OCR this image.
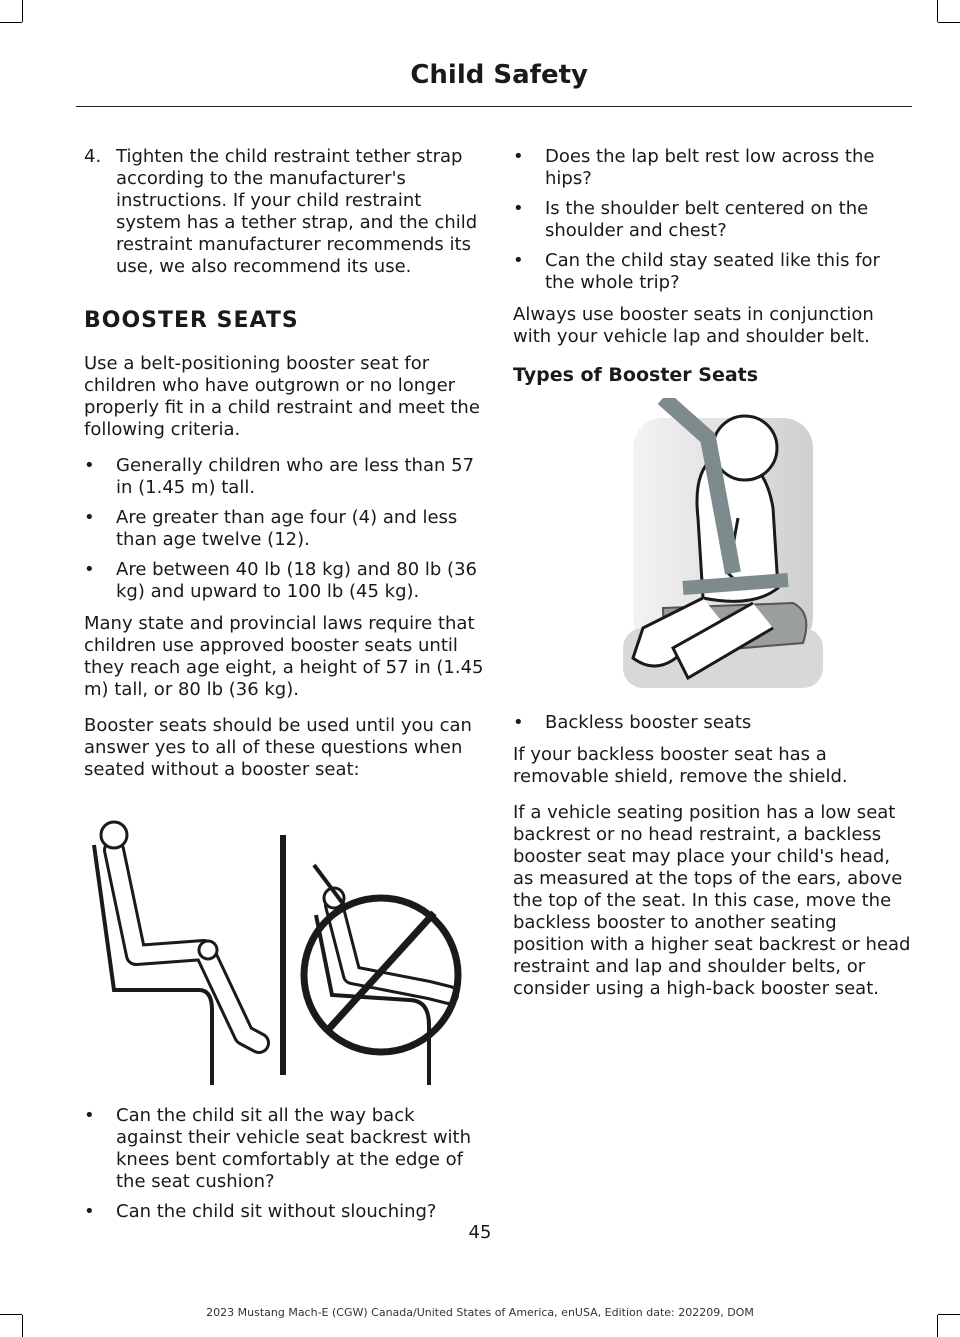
Child Safety
4. Tighten the child restraint tether strap according to the manufacturer's instructions. If your child restraint system has a tether strap, and the child restraint manufacturer recommends its use, we also recommend its use.
BOOSTER SEATS

Use a belt-positioning booster seat for children who have outgrown or no longer properly fit in a child restraint and meet the following criteria.

•	Generally children who are less than 57 in (1.45 m) tall.
•	Are greater than age four (4) and less than age twelve (12).
•	Are between 40 lb (18 kg) and 80 lb (36 kg) and upward to 100 lb (45 kg).

Many state and provincial laws require that children use approved booster seats until they reach age eight, a height of 57 in (1.45 m) tall, or 80 lb (36 kg).

Booster seats should be used until you can answer yes to all of these questions when seated without a booster seat:

•	Can the child sit all the way back against their vehicle seat backrest with knees bent comfortably at the edge of the seat cushion?
•	Can the child sit without slouching?
•	Does the lap belt rest low across the hips?
•	Is the shoulder belt centered on the shoulder and chest?
•	Can the child stay seated like this for the whole trip?

Always use booster seats in conjunction with your vehicle lap and shoulder belt.

Types of Booster Seats
•	Backless booster seats

If your backless booster seat has a removable shield, remove the shield.

If a vehicle seating position has a low seat backrest or no head restraint, a backless booster seat may place your child's head, as measured at the tops of the ears, above the top of the seat. In this case, move the backless booster to another seating position with a higher seat backrest or head restraint and lap and shoulder belts, or consider using a high-back booster seat.

45

2023 Mustang Mach-E (CGW) Canada/United States of America, enUSA, Edition date: 202209, DOM
